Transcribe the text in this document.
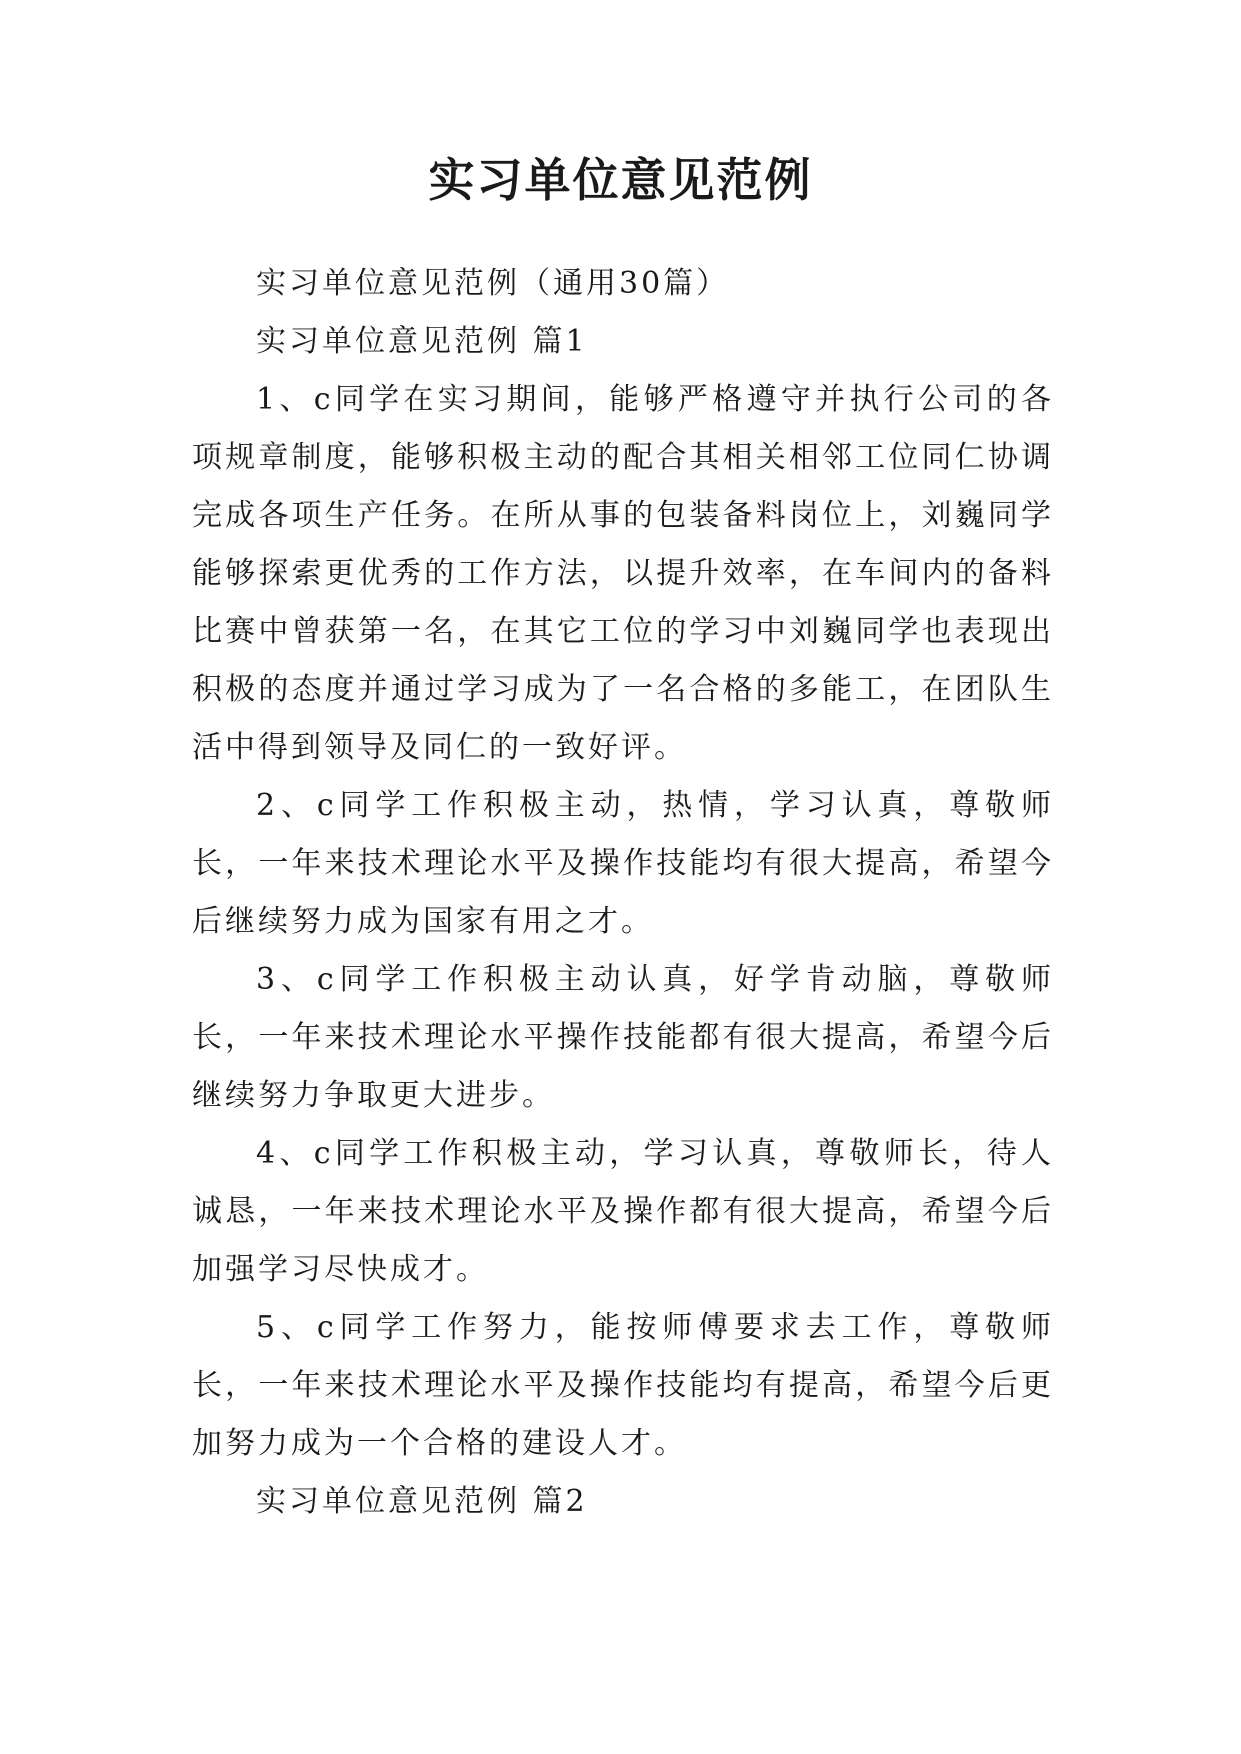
实习单位意见范例

实习单位意见范例（通用30篇）

实习单位意见范例 篇1

1、c同学在实习期间，能够严格遵守并执行公司的各项规章制度，能够积极主动的配合其相关相邻工位同仁协调完成各项生产任务。在所从事的包装备料岗位上，刘巍同学能够探索更优秀的工作方法，以提升效率，在车间内的备料比赛中曾获第一名，在其它工位的学习中刘巍同学也表现出积极的态度并通过学习成为了一名合格的多能工，在团队生活中得到领导及同仁的一致好评。

2、c同学工作积极主动，热情，学习认真，尊敬师长，一年来技术理论水平及操作技能均有很大提高，希望今后继续努力成为国家有用之才。

3、c同学工作积极主动认真，好学肯动脑，尊敬师长，一年来技术理论水平操作技能都有很大提高，希望今后继续努力争取更大进步。

4、c同学工作积极主动，学习认真，尊敬师长，待人诚恳，一年来技术理论水平及操作都有很大提高，希望今后加强学习尽快成才。

5、c同学工作努力，能按师傅要求去工作，尊敬师长，一年来技术理论水平及操作技能均有提高，希望今后更加努力成为一个合格的建设人才。

实习单位意见范例 篇2
